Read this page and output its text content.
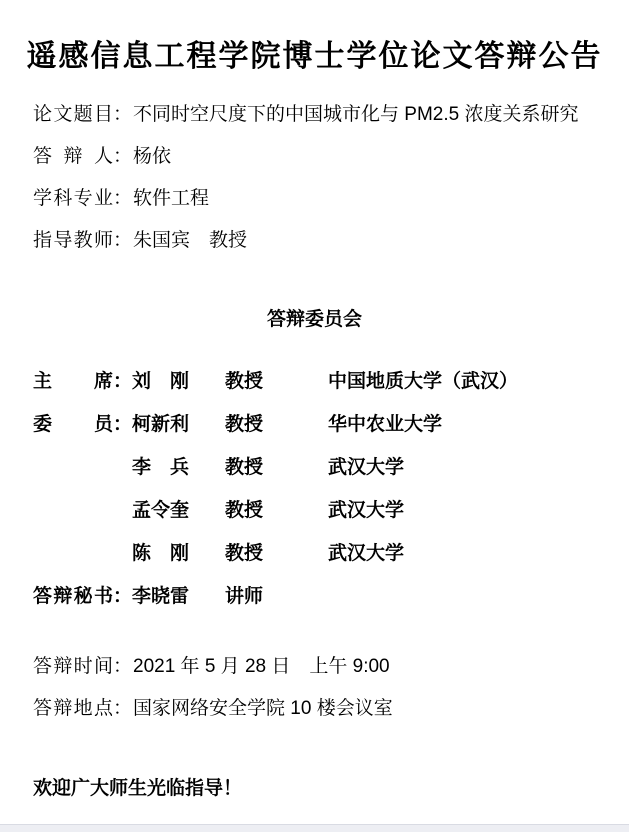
遥感信息工程学院博士学位论文答辩公告
论文题目：不同时空尺度下的中国城市化与 PM2.5 浓度关系研究
答辩人：杨依
学科专业：软件工程
指导教师：朱国宾　教授
答辩委员会
主席： 刘刚	教授	中国地质大学（武汉）
委员： 柯新利	教授	华中农业大学
李兵	教授	武汉大学
孟令奎	教授	武汉大学
陈刚	教授	武汉大学
答辩秘书： 李晓雷	讲师
答辩时间：2021 年 5 月 28 日　上午 9:00
答辩地点：国家网络安全学院 10 楼会议室
欢迎广大师生光临指导！
